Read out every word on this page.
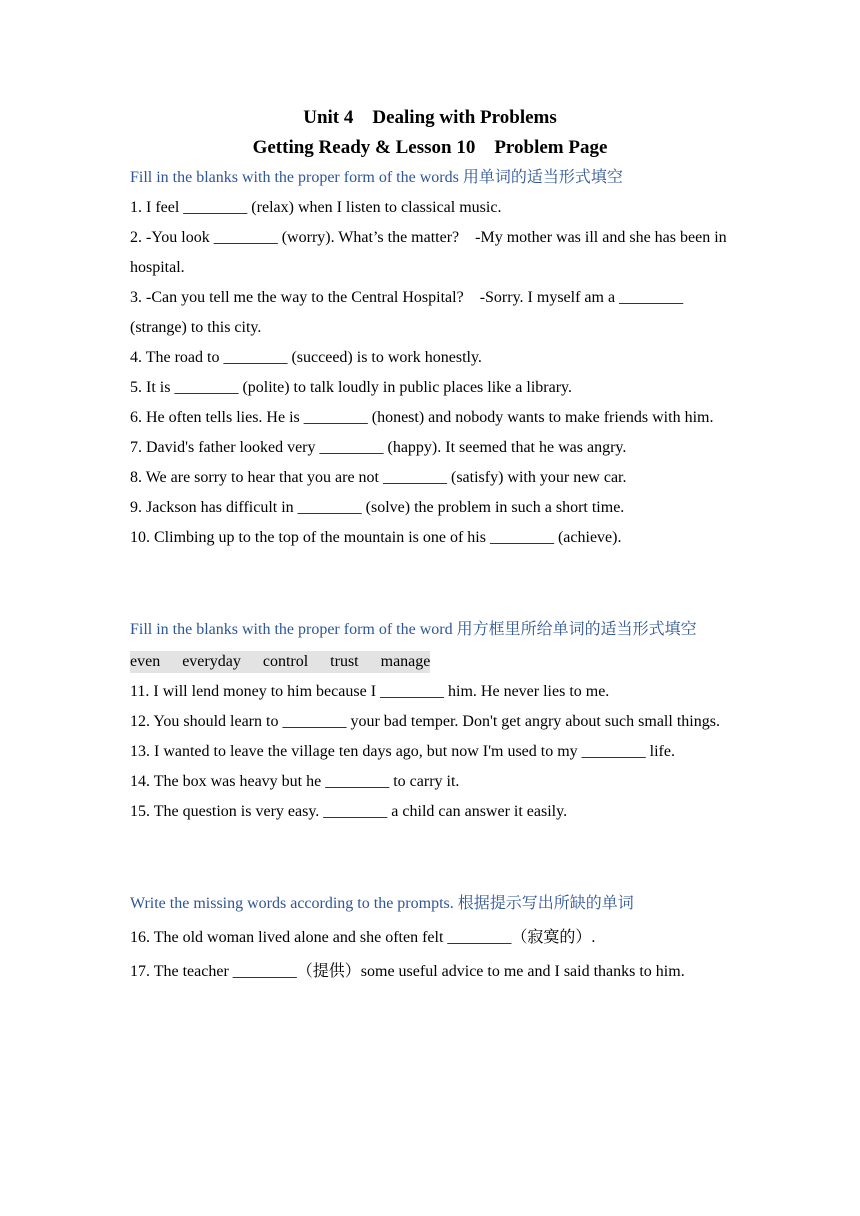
Unit 4　Dealing with Problems

Getting Ready & Lesson 10　Problem Page

Fill in the blanks with the proper form of the words 用单词的适当形式填空

1. I feel ________ (relax) when I listen to classical music.

2. -You look ________ (worry). What’s the matter?　-My mother was ill and she has been in hospital.

3. -Can you tell me the way to the Central Hospital?　-Sorry. I myself am a ________ (strange) to this city.

4. The road to ________ (succeed) is to work honestly.

5. It is ________ (polite) to talk loudly in public places like a library.

6. He often tells lies. He is ________ (honest) and nobody wants to make friends with him.

7. David's father looked very ________ (happy). It seemed that he was angry.

8. We are sorry to hear that you are not ________ (satisfy) with your new car.

9. Jackson has difficult in ________ (solve) the problem in such a short time.

10. Climbing up to the top of the mountain is one of his ________ (achieve).

Fill in the blanks with the proper form of the word 用方框里所给单词的适当形式填空

even everyday control trust manage

11. I will lend money to him because I ________ him. He never lies to me.

12. You should learn to ________ your bad temper. Don't get angry about such small things.

13. I wanted to leave the village ten days ago, but now I'm used to my ________ life.

14. The box was heavy but he ________ to carry it.

15. The question is very easy. ________ a child can answer it easily.

Write the missing words according to the prompts. 根据提示写出所缺的单词

16. The old woman lived alone and she often felt ________（寂寞的）.

17. The teacher ________（提供）some useful advice to me and I said thanks to him.
